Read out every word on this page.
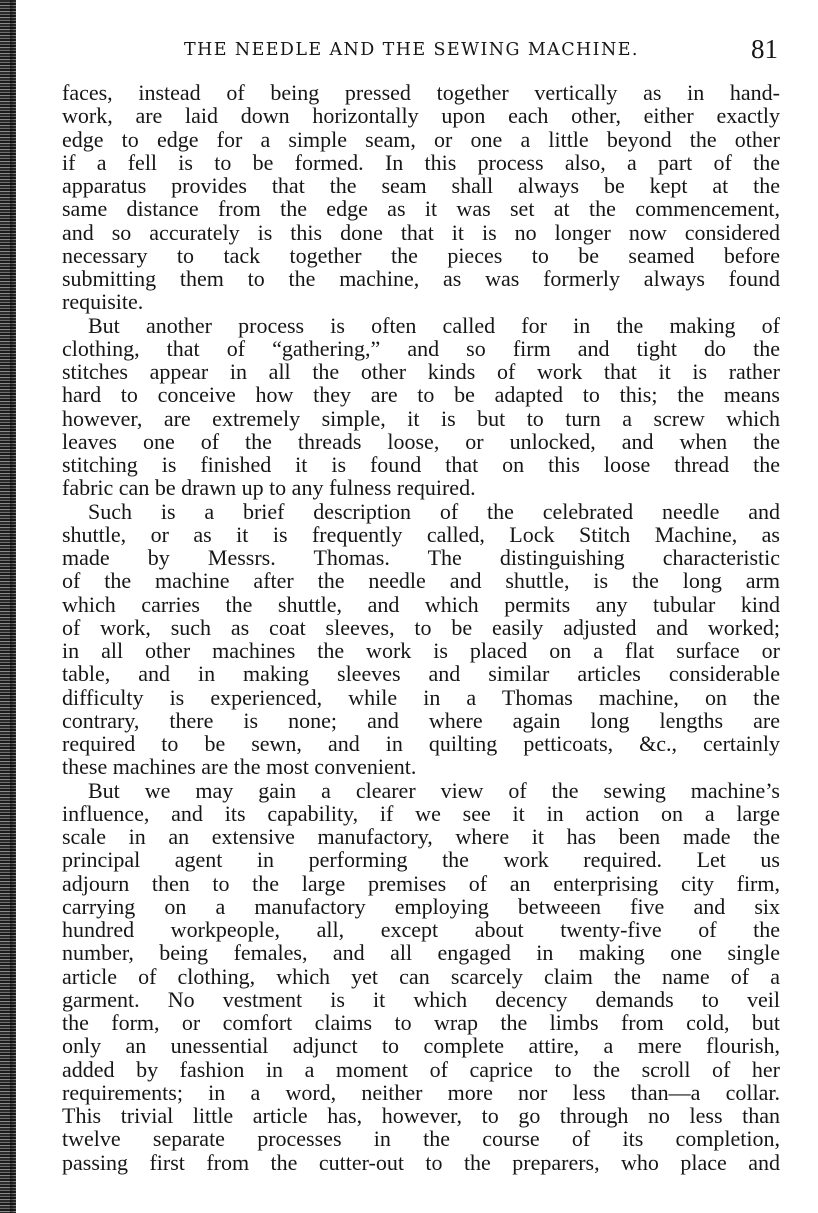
THE NEEDLE AND THE SEWING MACHINE.	81
faces, instead of being pressed together vertically as in hand-
work, are laid down horizontally upon each other, either exactly
edge to edge for a simple seam, or one a little beyond the other
if a fell is to be formed. In this process also, a part of the
apparatus provides that the seam shall always be kept at the
same distance from the edge as it was set at the commencement,
and so accurately is this done that it is no longer now considered
necessary to tack together the pieces to be seamed before
submitting them to the machine, as was formerly always found
requisite.
But another process is often called for in the making of
clothing, that of “gathering,” and so firm and tight do the
stitches appear in all the other kinds of work that it is rather
hard to conceive how they are to be adapted to this; the means
however, are extremely simple, it is but to turn a screw which
leaves one of the threads loose, or unlocked, and when the
stitching is finished it is found that on this loose thread the
fabric can be drawn up to any fulness required.
Such is a brief description of the celebrated needle and
shuttle, or as it is frequently called, Lock Stitch Machine, as
made by Messrs. Thomas. The distinguishing characteristic
of the machine after the needle and shuttle, is the long arm
which carries the shuttle, and which permits any tubular kind
of work, such as coat sleeves, to be easily adjusted and worked;
in all other machines the work is placed on a flat surface or
table, and in making sleeves and similar articles considerable
difficulty is experienced, while in a Thomas machine, on the
contrary, there is none; and where again long lengths are
required to be sewn, and in quilting petticoats, &c., certainly
these machines are the most convenient.
But we may gain a clearer view of the sewing machine’s
influence, and its capability, if we see it in action on a large
scale in an extensive manufactory, where it has been made the
principal agent in performing the work required. Let us
adjourn then to the large premises of an enterprising city firm,
carrying on a manufactory employing betweeen five and six
hundred workpeople, all, except about twenty-five of the
number, being females, and all engaged in making one single
article of clothing, which yet can scarcely claim the name of a
garment. No vestment is it which decency demands to veil
the form, or comfort claims to wrap the limbs from cold, but
only an unessential adjunct to complete attire, a mere flourish,
added by fashion in a moment of caprice to the scroll of her
requirements; in a word, neither more nor less than—a collar.
This trivial little article has, however, to go through no less than
twelve separate processes in the course of its completion,
passing first from the cutter-out to the preparers, who place and
